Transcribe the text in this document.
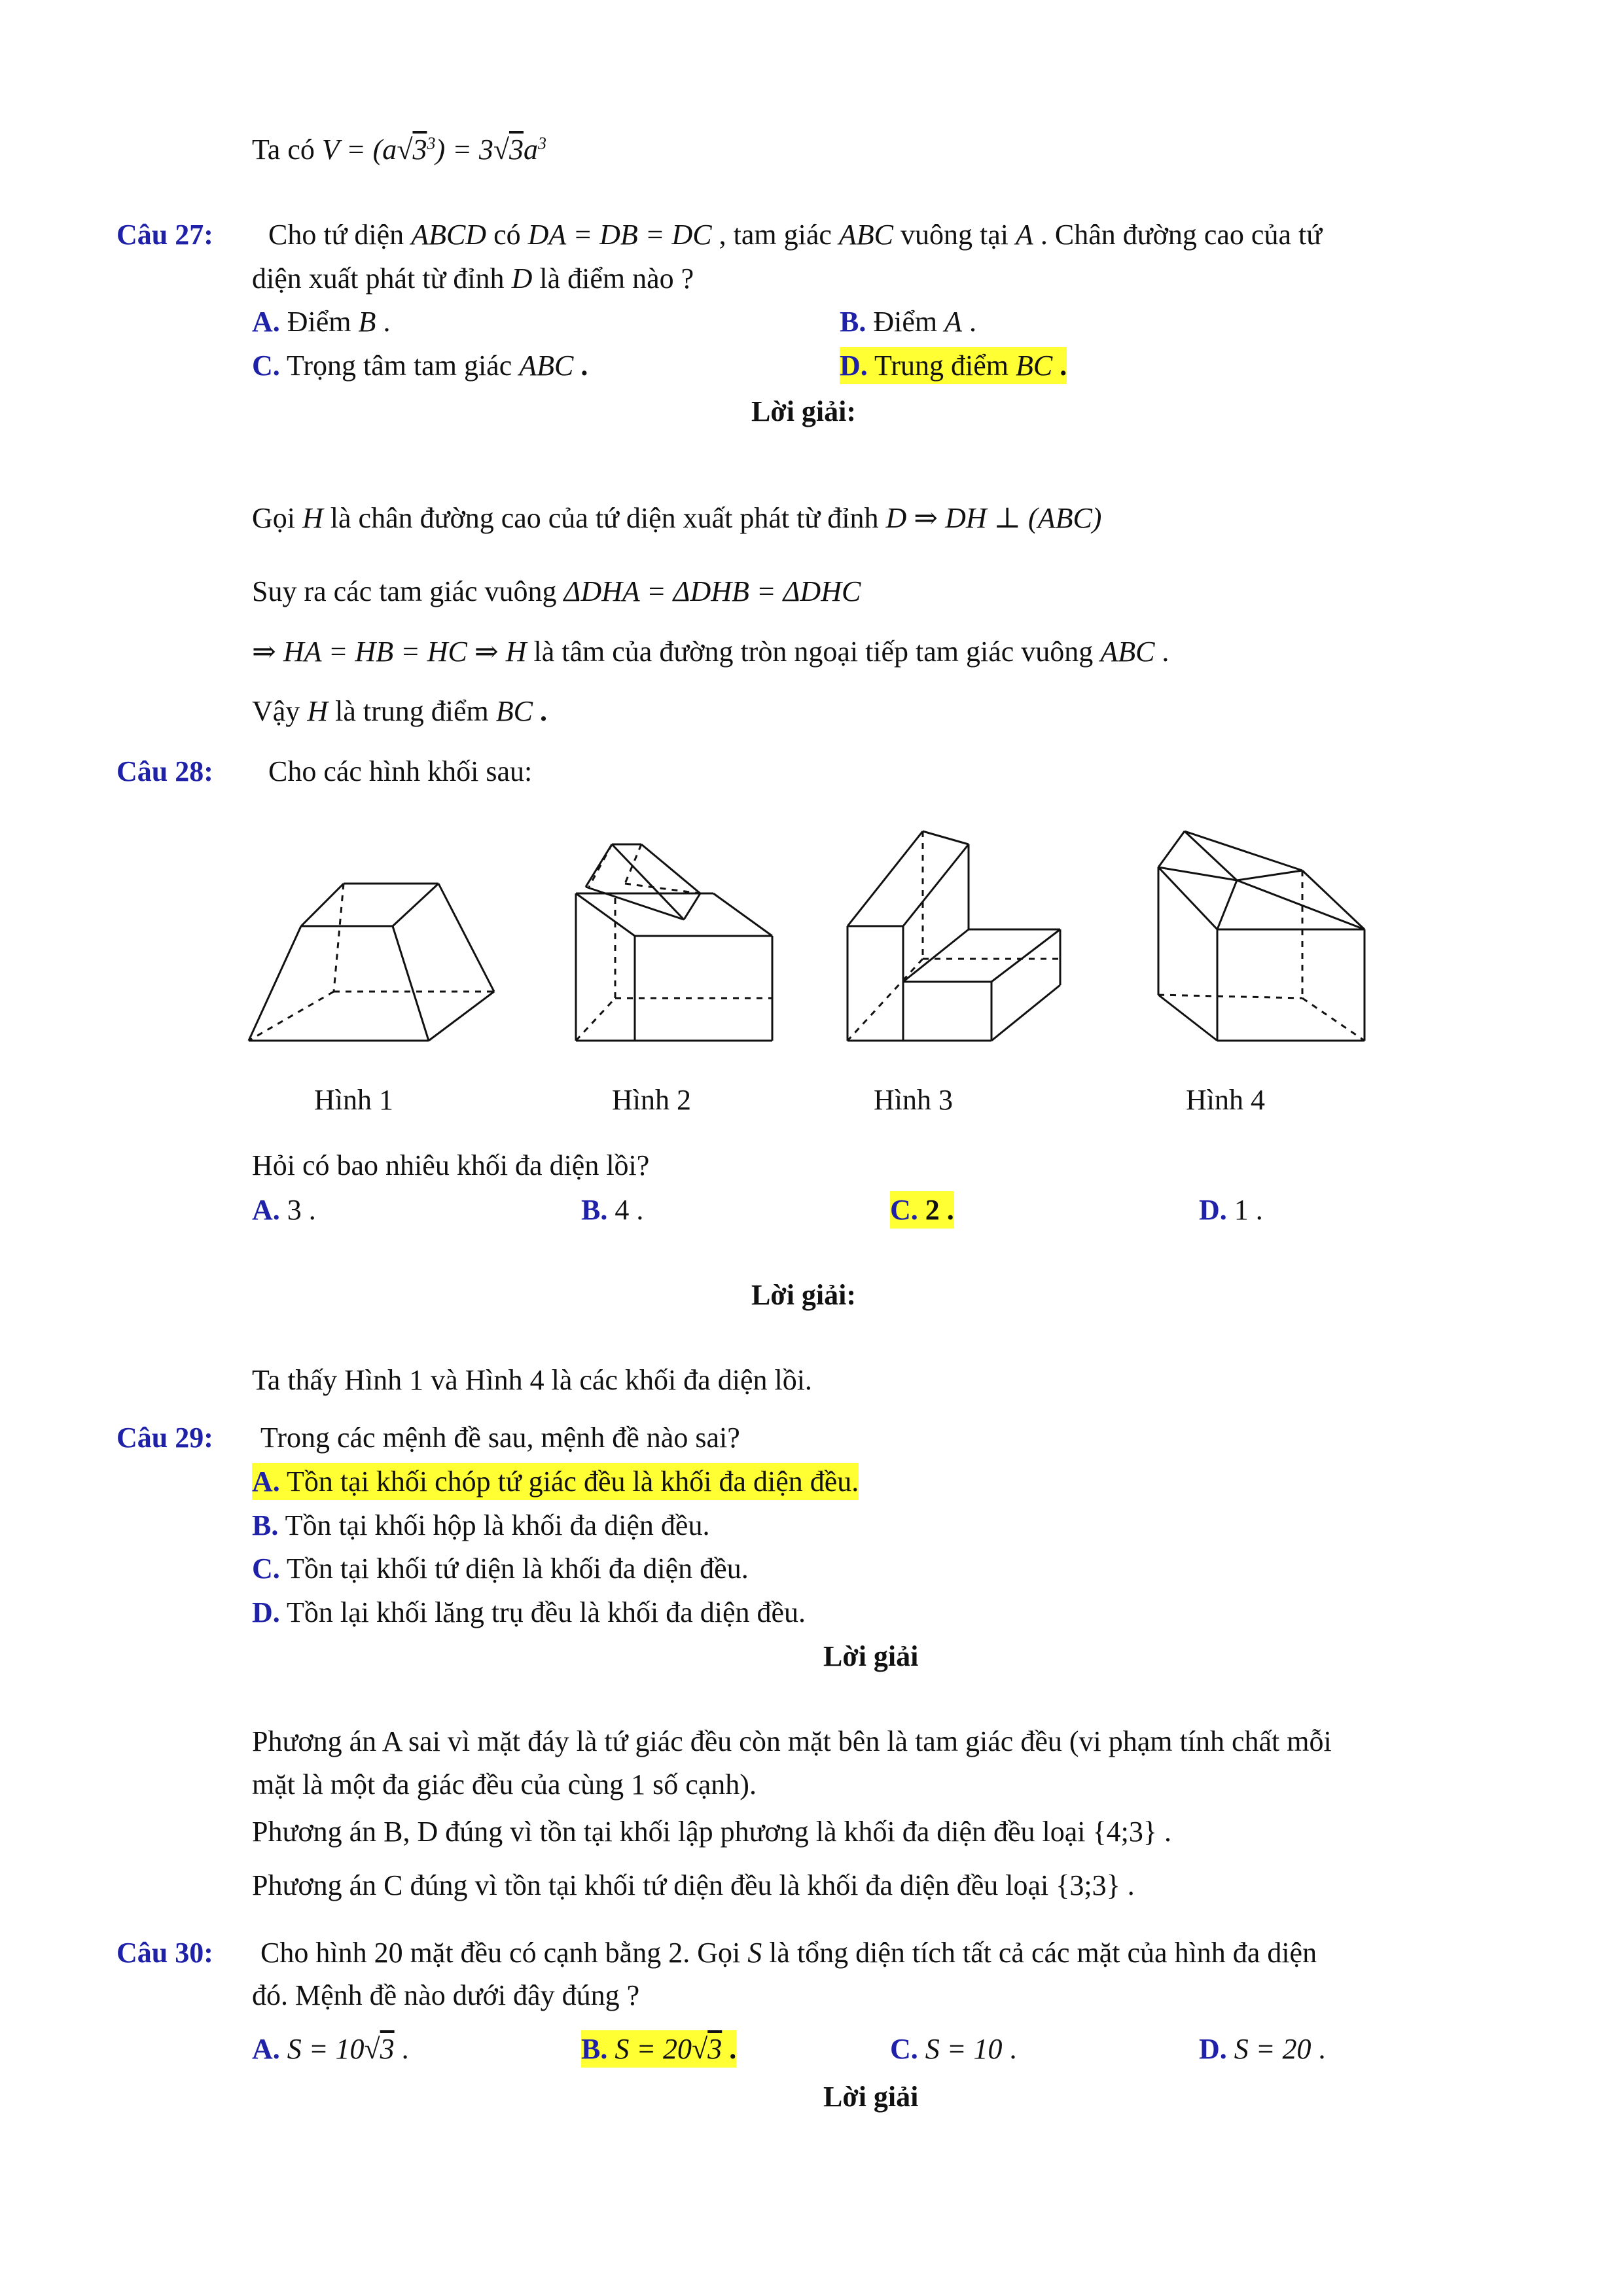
Ta có $V = (a√3^3) = 3√3a^3$
Câu 27: Cho tứ diện ABCD có DA = DB = DC , tam giác ABC vuông tại A . Chân đường cao của tứ
diện xuất phát từ đỉnh D là điểm nào ?
A. Điểm B .	B. Điểm A .
C. Trọng tâm tam giác ABC .	D. Trung điểm BC .
Lời giải:
Gọi H là chân đường cao của tứ diện xuất phát từ đỉnh D ⇒ DH ⊥ (ABC)
Suy ra các tam giác vuông ΔDHA = ΔDHB = ΔDHC
⇒ HA = HB = HC ⇒ H là tâm của đường tròn ngoại tiếp tam giác vuông ABC .
Vậy H là trung điểm BC .
Câu 28: Cho các hình khối sau:
Hình 1	Hình 2	Hình 3	Hình 4
Hỏi có bao nhiêu khối đa diện lồi?
A. 3 .	B. 4 .	C. 2 .	D. 1 .
Lời giải:
Ta thấy Hình 1 và Hình 4 là các khối đa diện lồi.
Câu 29: Trong các mệnh đề sau, mệnh đề nào sai?
A. Tồn tại khối chóp tứ giác đều là khối đa diện đều.
B. Tồn tại khối hộp là khối đa diện đều.
C. Tồn tại khối tứ diện là khối đa diện đều.
D. Tồn lại khối lăng trụ đều là khối đa diện đều.
Lời giải
Phương án A sai vì mặt đáy là tứ giác đều còn mặt bên là tam giác đều (vi phạm tính chất mỗi
mặt là một đa giác đều của cùng 1 số cạnh).
Phương án B, D đúng vì tồn tại khối lập phương là khối đa diện đều loại {4;3} .
Phương án C đúng vì tồn tại khối tứ diện đều là khối đa diện đều loại {3;3} .
Câu 30: Cho hình 20 mặt đều có cạnh bằng 2. Gọi S là tổng diện tích tất cả các mặt của hình đa diện
đó. Mệnh đề nào dưới đây đúng ?
A. S = 10√3 .	B. S = 20√3 .	C. S = 10 .	D. S = 20 .
Lời giải
